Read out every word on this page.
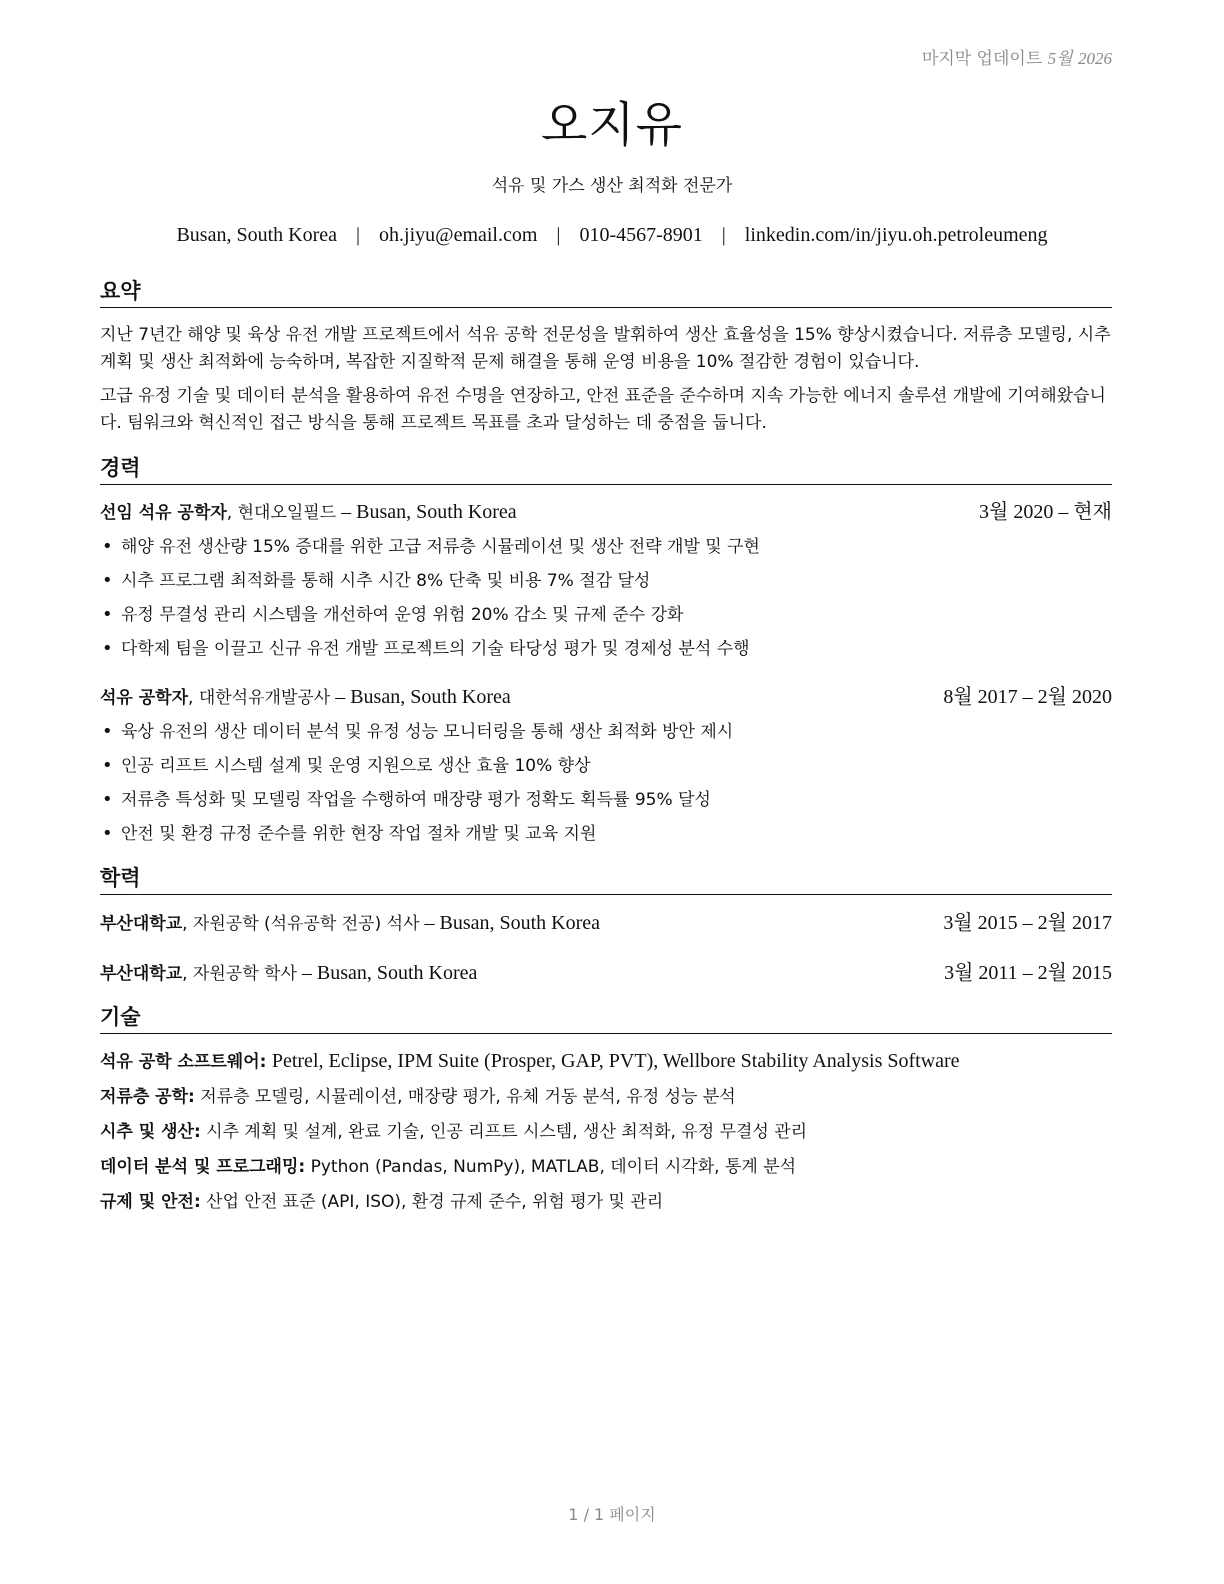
마지막 업데이트 5월 2026
오지유
석유 및 가스 생산 최적화 전문가
Busan, South Korea | oh.jiyu@email.com | 010-4567-8901 | linkedin.com/in/jiyu.oh.petroleumeng
요약

지난 7년간 해양 및 육상 유전 개발 프로젝트에서 석유 공학 전문성을 발휘하여 생산 효율성을 15% 향상시켰습니다. 저류층 모델링, 시추 계획 및 생산 최적화에 능숙하며, 복잡한 지질학적 문제 해결을 통해 운영 비용을 10% 절감한 경험이 있습니다.

고급 유정 기술 및 데이터 분석을 활용하여 유전 수명을 연장하고, 안전 표준을 준수하며 지속 가능한 에너지 솔루션 개발에 기여해왔습니다. 팀워크와 혁신적인 접근 방식을 통해 프로젝트 목표를 초과 달성하는 데 중점을 둡니다.

경력
선임 석유 공학자, 현대오일필드 – Busan, South Korea	3월 2020 – 현재
• 해양 유전 생산량 15% 증대를 위한 고급 저류층 시뮬레이션 및 생산 전략 개발 및 구현
• 시추 프로그램 최적화를 통해 시추 시간 8% 단축 및 비용 7% 절감 달성
• 유정 무결성 관리 시스템을 개선하여 운영 위험 20% 감소 및 규제 준수 강화
• 다학제 팀을 이끌고 신규 유전 개발 프로젝트의 기술 타당성 평가 및 경제성 분석 수행
석유 공학자, 대한석유개발공사 – Busan, South Korea	8월 2017 – 2월 2020
• 육상 유전의 생산 데이터 분석 및 유정 성능 모니터링을 통해 생산 최적화 방안 제시
• 인공 리프트 시스템 설계 및 운영 지원으로 생산 효율 10% 향상
• 저류층 특성화 및 모델링 작업을 수행하여 매장량 평가 정확도 획득률 95% 달성
• 안전 및 환경 규정 준수를 위한 현장 작업 절차 개발 및 교육 지원
학력
부산대학교, 자원공학 (석유공학 전공) 석사 – Busan, South Korea	3월 2015 – 2월 2017
부산대학교, 자원공학 학사 – Busan, South Korea	3월 2011 – 2월 2015
기술
석유 공학 소프트웨어: Petrel, Eclipse, IPM Suite (Prosper, GAP, PVT), Wellbore Stability Analysis Software
저류층 공학: 저류층 모델링, 시뮬레이션, 매장량 평가, 유체 거동 분석, 유정 성능 분석
시추 및 생산: 시추 계획 및 설계, 완료 기술, 인공 리프트 시스템, 생산 최적화, 유정 무결성 관리
데이터 분석 및 프로그래밍: Python (Pandas, NumPy), MATLAB, 데이터 시각화, 통계 분석
규제 및 안전: 산업 안전 표준 (API, ISO), 환경 규제 준수, 위험 평가 및 관리
1 / 1 페이지
